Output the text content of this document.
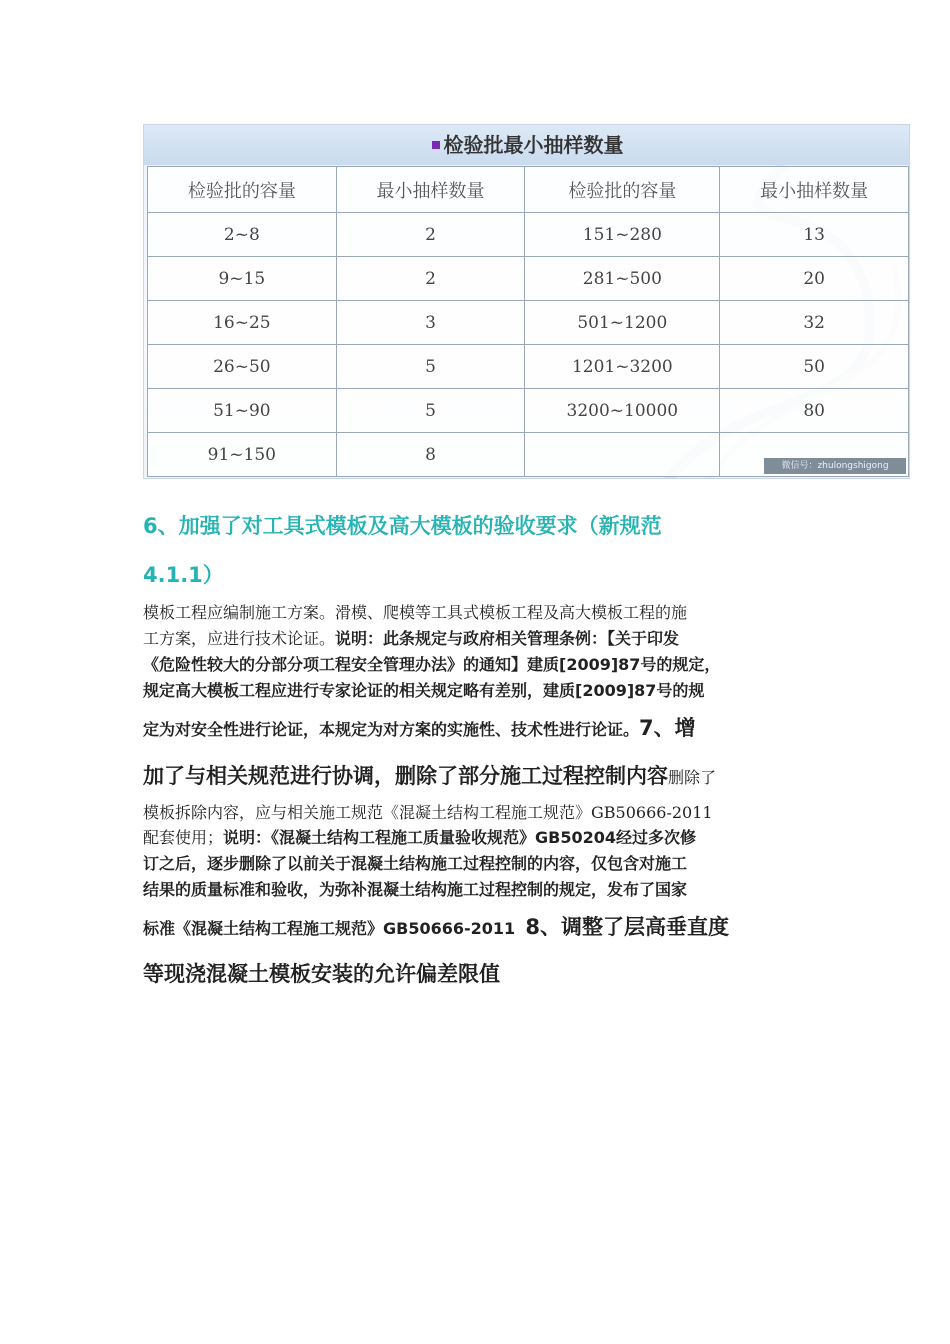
检验批最小抽样数量
检验批的容量	最小抽样数量	检验批的容量	最小抽样数量
2~8	2	151~280	13
9~15	2	281~500	20
16~25	3	501~1200	32
26~50	5	1201~3200	50
51~90	5	3200~10000	80
91~150	8		
微信号：zhulongshigong
6、加强了对工具式模板及高大模板的验收要求（新规范
4.1.1）
模板工程应编制施工方案。滑模、爬模等工具式模板工程及高大模板工程的施
工方案，应进行技术论证。说明：此条规定与政府相关管理条例：【关于印发
《危险性较大的分部分项工程安全管理办法》的通知】建质[2009]87号的规定，
规定高大模板工程应进行专家论证的相关规定略有差别，建质[2009]87号的规
定为对安全性进行论证，本规定为对方案的实施性、技术性进行论证。7、增
加了与相关规范进行协调，删除了部分施工过程控制内容删除了
模板拆除内容，应与相关施工规范《混凝土结构工程施工规范》GB50666-2011
配套使用；说明：《混凝土结构工程施工质量验收规范》GB50204经过多次修
订之后，逐步删除了以前关于混凝土结构施工过程控制的内容，仅包含对施工
结果的质量标准和验收，为弥补混凝土结构施工过程控制的规定，发布了国家
标准《混凝土结构工程施工规范》GB50666-2011 8、调整了层高垂直度
等现浇混凝土模板安装的允许偏差限值
